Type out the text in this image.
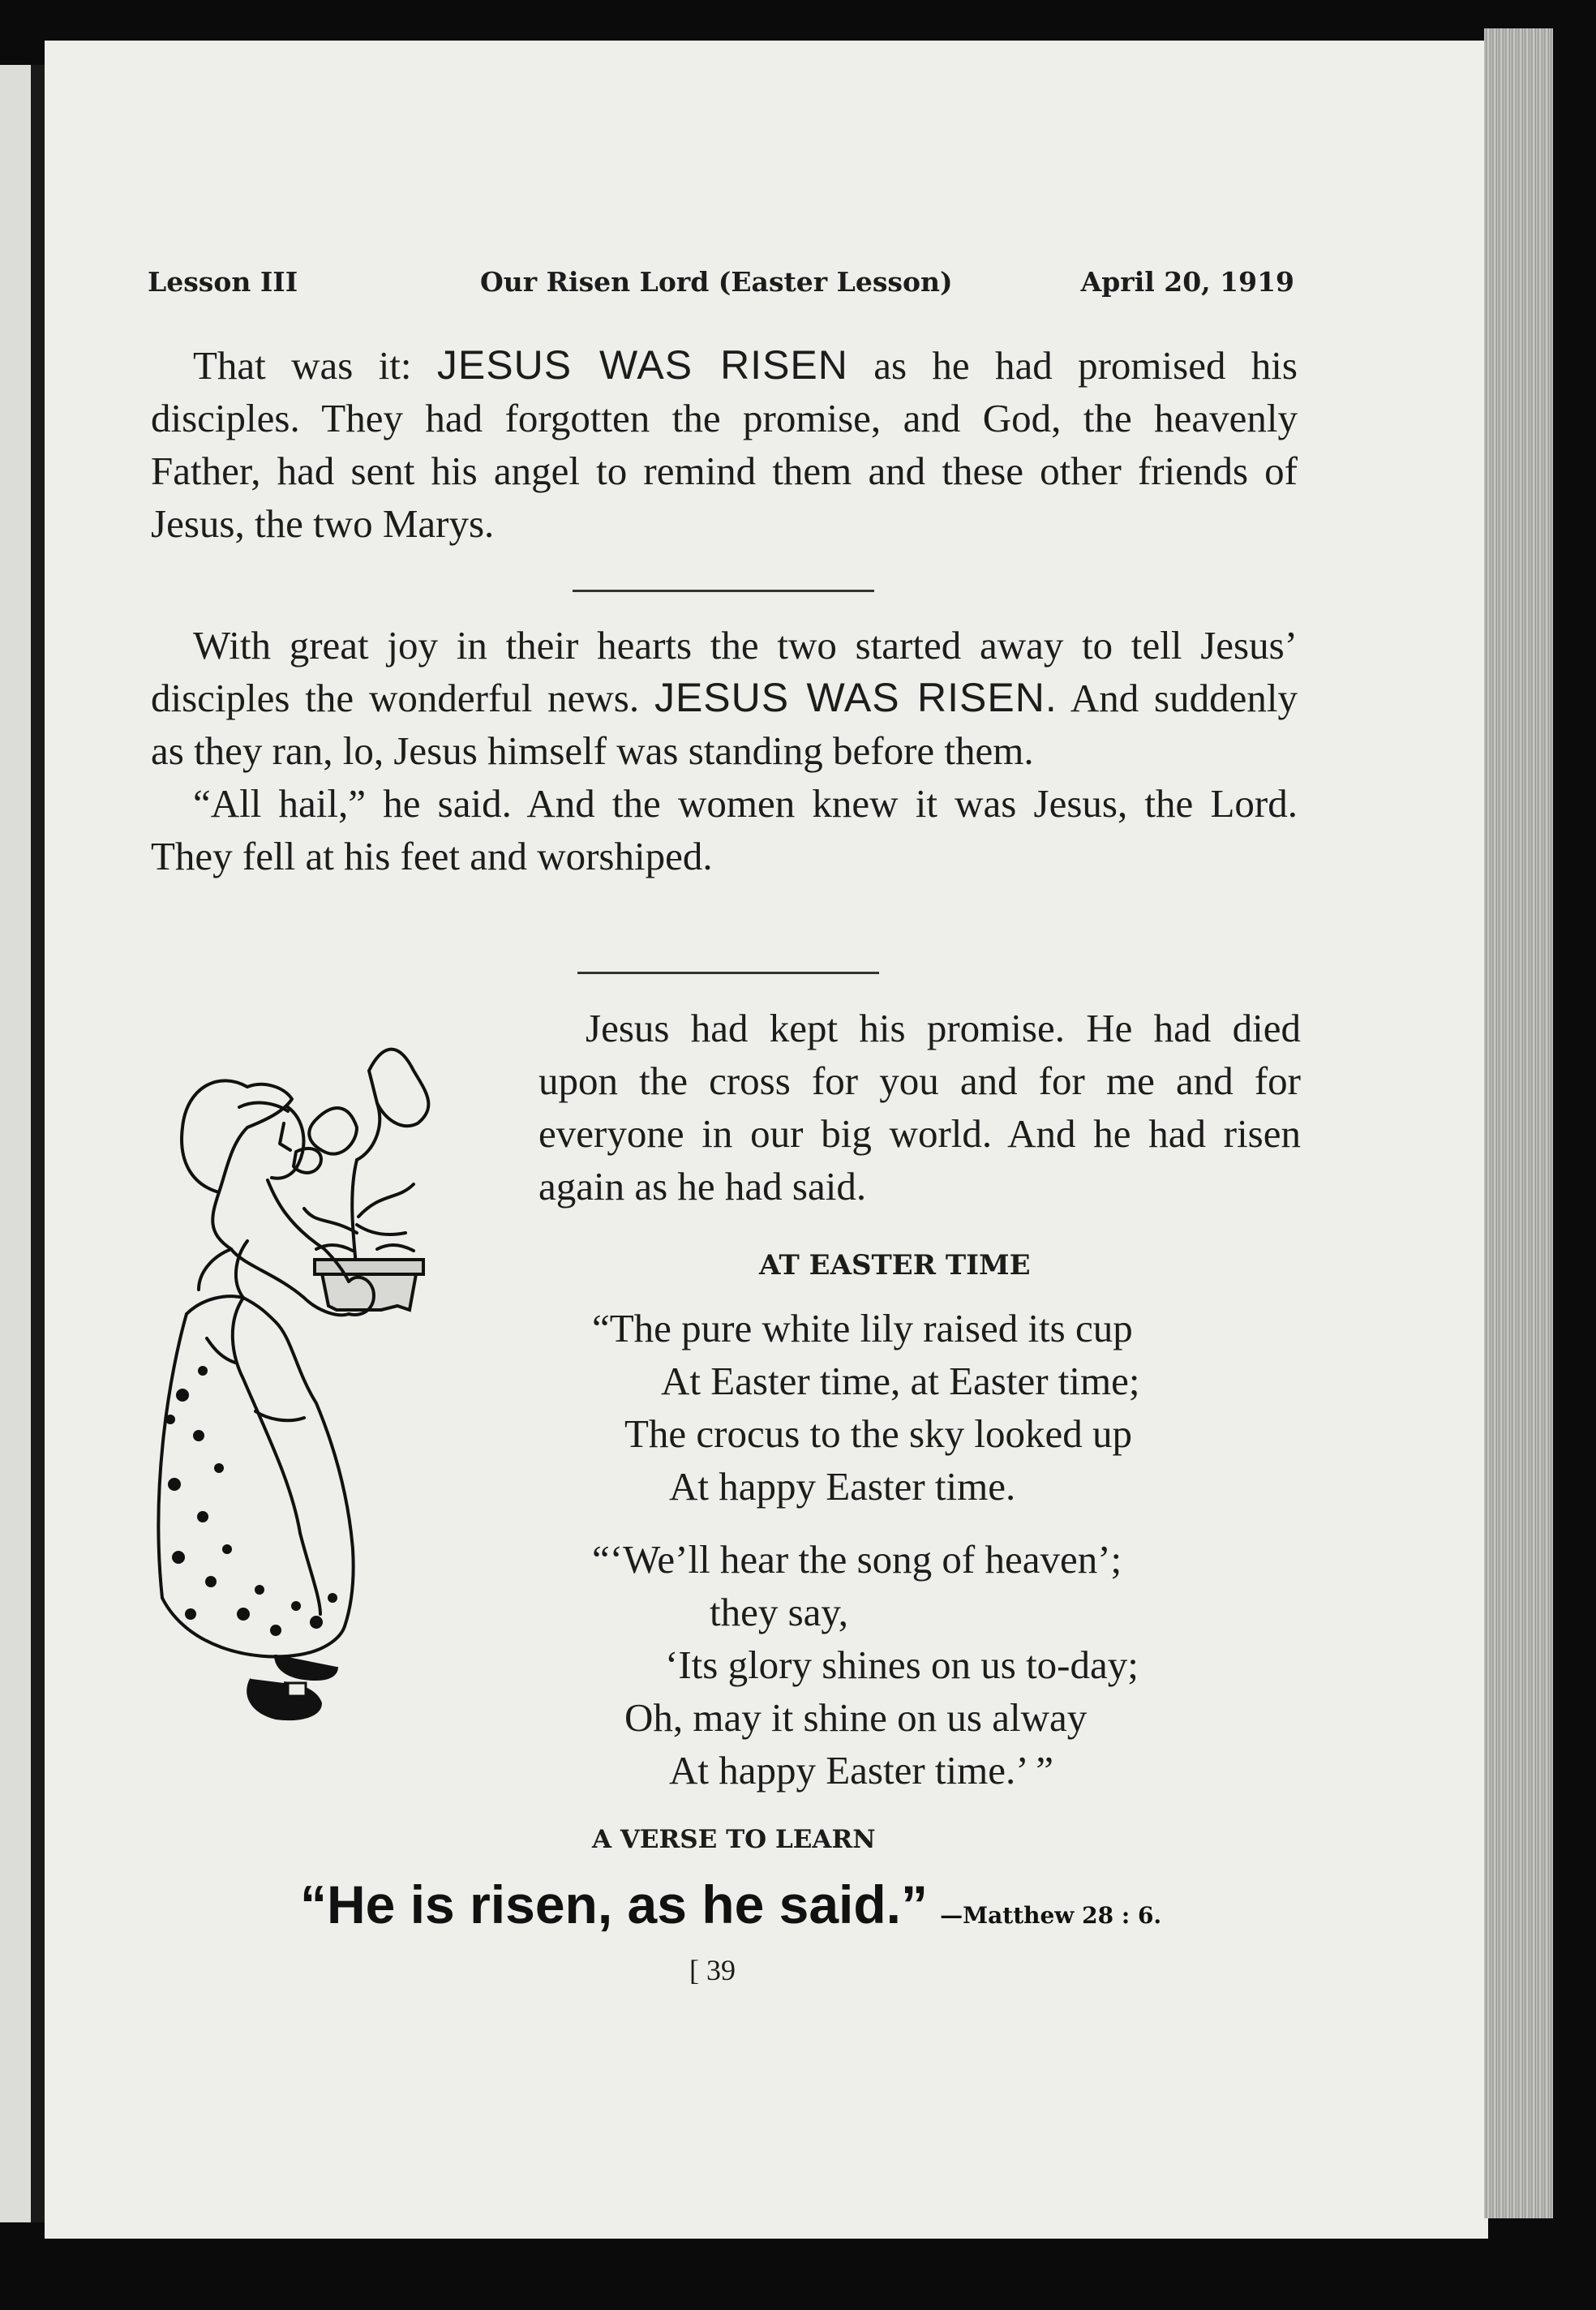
Lesson III	Our Risen Lord (Easter Lesson)	April 20, 1919

That was it: JESUS WAS RISEN as he had promised his disciples. They had forgotten the promise, and God, the heavenly Father, had sent his angel to remind them and these other friends of Jesus, the two Marys.

With great joy in their hearts the two started away to tell Jesus’ disciples the wonderful news. JESUS WAS RISEN. And suddenly as they ran, lo, Jesus himself was standing before them.

“All hail,” he said. And the women knew it was Jesus, the Lord. They fell at his feet and worshiped.

Jesus had kept his promise. He had died upon the cross for you and for me and for everyone in our big world. And he had risen again as he had said.

AT EASTER TIME
“The pure white lily raised its cup
At Easter time, at Easter time;
The crocus to the sky looked up
At happy Easter time.
“‘We’ll hear the song of heaven’;
they say,
‘Its glory shines on us to-day;
Oh, may it shine on us alway
At happy Easter time.’ ”
A VERSE TO LEARN
“He is risen, as he said.” —Matthew 28 : 6.
[ 39
